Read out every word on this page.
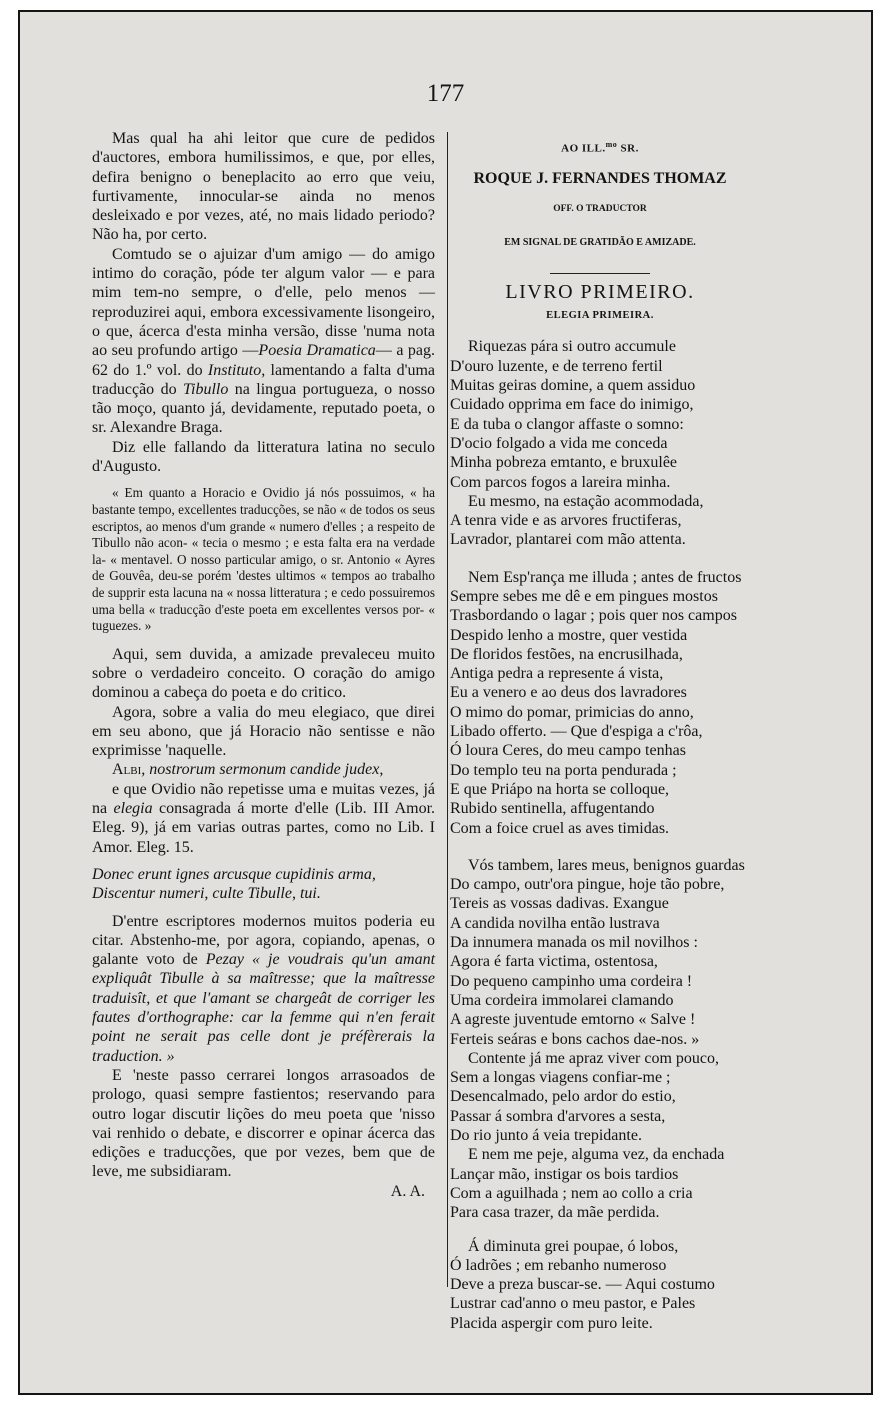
177

Mas qual ha ahi leitor que cure de pedidos d'auctores, embora humilissimos, e que, por elles, defira benigno o beneplacito ao erro que veiu, furtivamente, innocular-se ainda no menos desleixado e por vezes, até, no mais lidado periodo? Não ha, por certo.

Comtudo se o ajuizar d'um amigo — do amigo intimo do coração, póde ter algum valor — e para mim tem-no sempre, o d'elle, pelo menos — reproduzirei aqui, embora excessivamente lisongeiro, o que, ácerca d'esta minha versão, disse 'numa nota ao seu profundo artigo —Poesia Dramatica— a pag. 62 do 1.º vol. do Instituto, lamentando a falta d'uma traducção do Tibullo na lingua portugueza, o nosso tão moço, quanto já, devidamente, reputado poeta, o sr. Alexandre Braga.

Diz elle fallando da litteratura latina no seculo d'Augusto.

« Em quanto a Horacio e Ovidio já nós possuimos, « ha bastante tempo, excellentes traducções, se não « de todos os seus escriptos, ao menos d'um grande « numero d'elles ; a respeito de Tibullo não acon- « tecia o mesmo ; e esta falta era na verdade la- « mentavel. O nosso particular amigo, o sr. Antonio « Ayres de Gouvêa, deu-se porém 'destes ultimos « tempos ao trabalho de supprir esta lacuna na « nossa litteratura ; e cedo possuiremos uma bella « traducção d'este poeta em excellentes versos por- « tuguezes. »

Aqui, sem duvida, a amizade prevaleceu muito sobre o verdadeiro conceito. O coração do amigo dominou a cabeça do poeta e do critico.

Agora, sobre a valia do meu elegiaco, que direi em seu abono, que já Horacio não sentisse e não exprimisse 'naquelle.

Albi, nostrorum sermonum candide judex,

e que Ovidio não repetisse uma e muitas vezes, já na elegia consagrada á morte d'elle (Lib. III Amor. Eleg. 9), já em varias outras partes, como no Lib. I Amor. Eleg. 15.

Donec erunt ignes arcusque cupidinis arma,
Discentur numeri, culte Tibulle, tui.

D'entre escriptores modernos muitos poderia eu citar. Abstenho-me, por agora, copiando, apenas, o galante voto de Pezay « je voudrais qu'un amant expliquât Tibulle à sa maîtresse; que la maîtresse traduisît, et que l'amant se chargeât de corriger les fautes d'orthographe: car la femme qui n'en ferait point ne serait pas celle dont je préfèrerais la traduction. »

E 'neste passo cerrarei longos arrasoados de prologo, quasi sempre fastientos; reservando para outro logar discutir lições do meu poeta que 'nisso vai renhido o debate, e discorrer e opinar ácerca das edições e traducções, que por vezes, bem que de leve, me subsidiaram.

A. A.

AO ILL.$^{mo}$ SR.
ROQUE J. FERNANDES THOMAZ
OFF. O TRADUCTOR
EM SIGNAL DE GRATIDÃO E AMIZADE.
LIVRO PRIMEIRO.
ELEGIA PRIMEIRA.
Riquezas pára si outro accumule
D'ouro luzente, e de terreno fertil
Muitas geiras domine, a quem assiduo
Cuidado opprima em face do inimigo,
E da tuba o clangor affaste o somno:
D'ocio folgado a vida me conceda
Minha pobreza emtanto, e bruxulêe
Com parcos fogos a lareira minha.
Eu mesmo, na estação acommodada,
A tenra vide e as arvores fructiferas,
Lavrador, plantarei com mão attenta.
Nem Esp'rança me illuda ; antes de fructos
Sempre sebes me dê e em pingues mostos
Trasbordando o lagar ; pois quer nos campos
Despido lenho a mostre, quer vestida
De floridos festões, na encrusilhada,
Antiga pedra a represente á vista,
Eu a venero e ao deus dos lavradores
O mimo do pomar, primicias do anno,
Libado offerto. — Que d'espiga a c'rôa,
Ó loura Ceres, do meu campo tenhas
Do templo teu na porta pendurada ;
E que Priápo na horta se colloque,
Rubido sentinella, affugentando
Com a foice cruel as aves timidas.
Vós tambem, lares meus, benignos guardas
Do campo, outr'ora pingue, hoje tão pobre,
Tereis as vossas dadivas. Exangue
A candida novilha então lustrava
Da innumera manada os mil novilhos :
Agora é farta victima, ostentosa,
Do pequeno campinho uma cordeira !
Uma cordeira immolarei clamando
A agreste juventude emtorno « Salve !
Ferteis seáras e bons cachos dae-nos. »
Contente já me apraz viver com pouco,
Sem a longas viagens confiar-me ;
Desencalmado, pelo ardor do estio,
Passar á sombra d'arvores a sesta,
Do rio junto á veia trepidante.
E nem me peje, alguma vez, da enchada
Lançar mão, instigar os bois tardios
Com a aguilhada ; nem ao collo a cria
Para casa trazer, da mãe perdida.
Á diminuta grei poupae, ó lobos,
Ó ladrões ; em rebanho numeroso
Deve a preza buscar-se. — Aqui costumo
Lustrar cad'anno o meu pastor, e Pales
Placida aspergir com puro leite.
